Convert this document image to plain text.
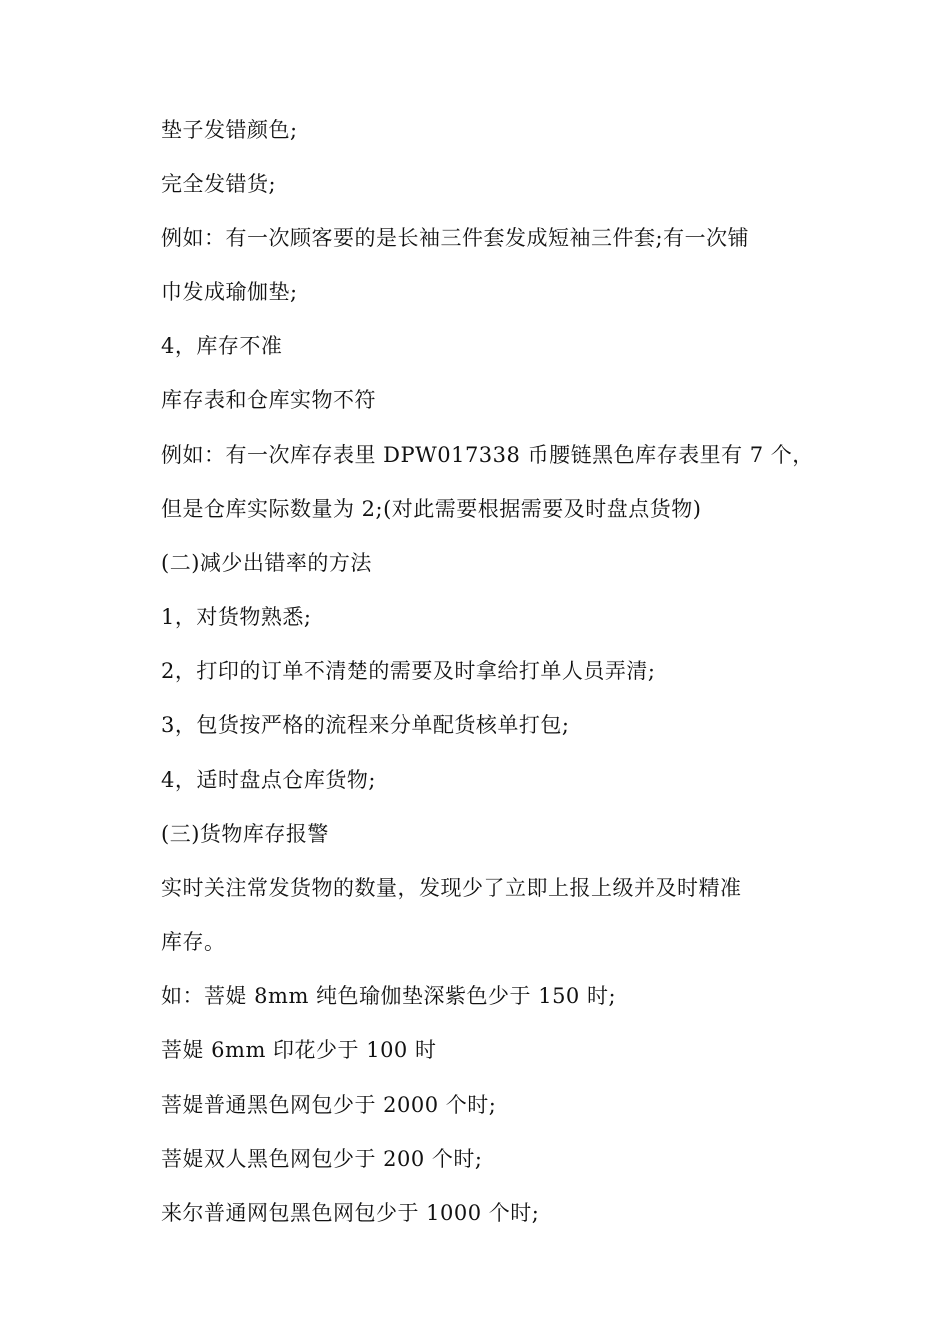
垫子发错颜色;
完全发错货;
例如：有一次顾客要的是长袖三件套发成短袖三件套;有一次铺
巾发成瑜伽垫;
4，库存不准
库存表和仓库实物不符
例如：有一次库存表里 DPW017338 币腰链黑色库存表里有 7 个，
但是仓库实际数量为 2;(对此需要根据需要及时盘点货物)
(二)减少出错率的方法
1，对货物熟悉;
2，打印的订单不清楚的需要及时拿给打单人员弄清;
3，包货按严格的流程来分单配货核单打包;
4，适时盘点仓库货物;
(三)货物库存报警
实时关注常发货物的数量，发现少了立即上报上级并及时精准
库存。
如：菩媞 8mm 纯色瑜伽垫深紫色少于 150 时;
菩媞 6mm 印花少于 100 时
菩媞普通黑色网包少于 2000 个时;
菩媞双人黑色网包少于 200 个时;
来尔普通网包黑色网包少于 1000 个时;
